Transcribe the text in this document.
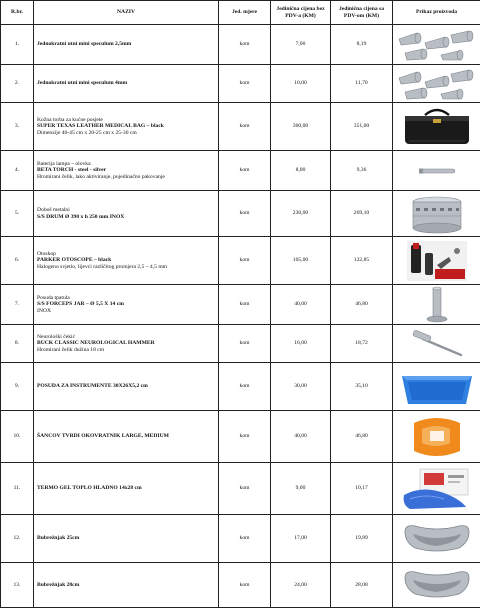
R.br.	NAZIV	Jed. mjere	Jedinična cijena bez PDV-a (KM)	Jedinična cijena sa PDV-om (KM)	Prikaz proizvoda
1.	Jednokratni utni mini speculum 2,5mm	kom	7,00	8,19	

2.	Jednokratni utni mini speculum 4mm	kom	10,00	11,70	

3.	Kožna torba za kućne posjete
SUPER TEXAS LEATHER MEDICAL BAG – black
Dimenzije 40-45 cm x 20-25 cm x 25-30 cm	kom	300,00	351,00	

4.	Baterija lampa – olovka
BETA TORCH - steel - silver
Hromirani čelik, lako aktiviranje, pojedinačno pakovanje	kom	8,00	9,36	

5.	Doboš metalni
S/S DRUM Ø 390 x h 250 mm INOX	kom	230,00	269,10	

6.	Otoskop
PARKER OTOSCOPE – black
Halogeno svjetlo, lijevci različitog promjera 2,5 – 4,5 mm	kom	105,00	122,85	

7.	Posuda tpatula
S/S FORCEPS JAR – Ø 5,5 X 14 cm
INOX	kom	40,00	46,80	

8.	Neurološki čekić
BUCK CLASSIC NEUROLOGICAL HAMMER
Hromirani čelik dužina 18 cm	kom	16,00	18,72	

9.	POSUDA ZA INSTRUMENTE 30X26X5,2 cm	kom	30,00	35,10	

10.	ŠANCOV TVRDI OKOVRATNIK LARGE, MEDIUM	kom	40,00	46,80	

11.	TERMO GEL TOPLO HLADNO 14x28 cm	kom	9,00	10,17	

12.	Bubrežnjak 25cm	kom	17,00	19,89	

13.	Bubrežnjak 28cm	kom	24,00	28,08	
